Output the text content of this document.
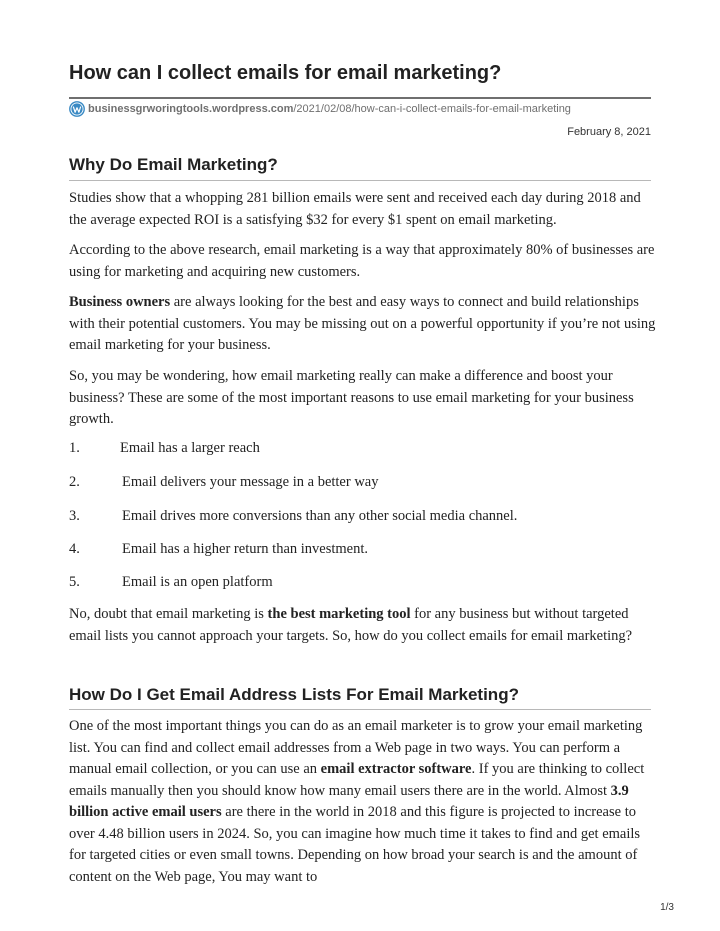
How can I collect emails for email marketing?
businessgrworingtools.wordpress.com /2021/02/08/how-can-i-collect-emails-for-email-marketing
February 8, 2021
Why Do Email Marketing?

Studies show that a whopping 281 billion emails were sent and received each day during 2018 and the average expected ROI is a satisfying $32 for every $1 spent on email marketing.

According to the above research, email marketing is a way that approximately 80% of businesses are using for marketing and acquiring new customers.

Business owners are always looking for the best and easy ways to connect and build relationships with their potential customers. You may be missing out on a powerful opportunity if you’re not using email marketing for your business.

So, you may be wondering, how email marketing really can make a difference and boost your business? These are some of the most important reasons to use email marketing for your business growth.

1.	Email has a larger reach
2.	Email delivers your message in a better way
3.	Email drives more conversions than any other social media channel.
4.	Email has a higher return than investment.
5.	Email is an open platform

No, doubt that email marketing is the best marketing tool for any business but without targeted email lists you cannot approach your targets. So, how do you collect emails for email marketing?

How Do I Get Email Address Lists For Email Marketing?

One of the most important things you can do as an email marketer is to grow your email marketing list. You can find and collect email addresses from a Web page in two ways. You can perform a manual email collection, or you can use an email extractor software. If you are thinking to collect emails manually then you should know how many email users there are in the world. Almost 3.9 billion active email users are there in the world in 2018 and this figure is projected to increase to over 4.48 billion users in 2024. So, you can imagine how much time it takes to find and get emails for targeted cities or even small towns. Depending on how broad your search is and the amount of content on the Web page, You may want to

1/3
